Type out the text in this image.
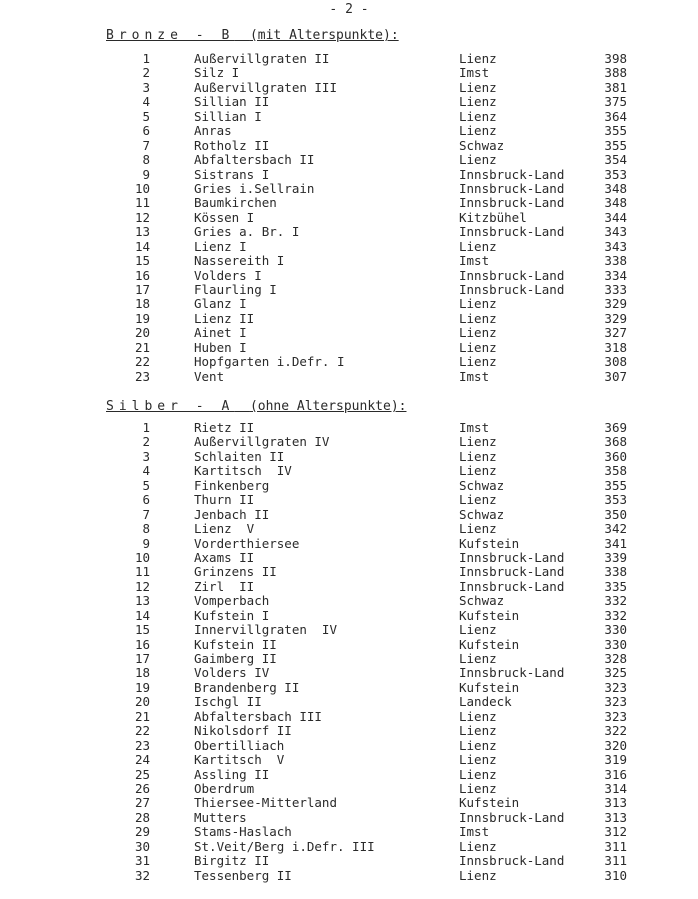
- 2 -
Bronze - B (mit Alterspunkte):
1	Außervillgraten II	Lienz	398
2	Silz I	Imst	388
3	Außervillgraten III	Lienz	381
4	Sillian II	Lienz	375
5	Sillian I	Lienz	364
6	Anras	Lienz	355
7	Rotholz II	Schwaz	355
8	Abfaltersbach II	Lienz	354
9	Sistrans I	Innsbruck-Land	353
10	Gries i.Sellrain	Innsbruck-Land	348
11	Baumkirchen	Innsbruck-Land	348
12	Kössen I	Kitzbühel	344
13	Gries a. Br. I	Innsbruck-Land	343
14	Lienz I	Lienz	343
15	Nassereith I	Imst	338
16	Volders I	Innsbruck-Land	334
17	Flaurling I	Innsbruck-Land	333
18	Glanz I	Lienz	329
19	Lienz II	Lienz	329
20	Ainet I	Lienz	327
21	Huben I	Lienz	318
22	Hopfgarten i.Defr. I	Lienz	308
23	Vent	Imst	307
Silber - A (ohne Alterspunkte):
1	Rietz II	Imst	369
2	Außervillgraten IV	Lienz	368
3	Schlaiten II	Lienz	360
4	Kartitsch  IV	Lienz	358
5	Finkenberg	Schwaz	355
6	Thurn II	Lienz	353
7	Jenbach II	Schwaz	350
8	Lienz  V	Lienz	342
9	Vorderthiersee	Kufstein	341
10	Axams II	Innsbruck-Land	339
11	Grinzens II	Innsbruck-Land	338
12	Zirl  II	Innsbruck-Land	335
13	Vomperbach	Schwaz	332
14	Kufstein I	Kufstein	332
15	Innervillgraten  IV	Lienz	330
16	Kufstein II	Kufstein	330
17	Gaimberg II	Lienz	328
18	Volders IV	Innsbruck-Land	325
19	Brandenberg II	Kufstein	323
20	Ischgl II	Landeck	323
21	Abfaltersbach III	Lienz	323
22	Nikolsdorf II	Lienz	322
23	Obertilliach	Lienz	320
24	Kartitsch  V	Lienz	319
25	Assling II	Lienz	316
26	Oberdrum	Lienz	314
27	Thiersee-Mitterland	Kufstein	313
28	Mutters	Innsbruck-Land	313
29	Stams-Haslach	Imst	312
30	St.Veit/Berg i.Defr. III	Lienz	311
31	Birgitz II	Innsbruck-Land	311
32	Tessenberg II	Lienz	310
